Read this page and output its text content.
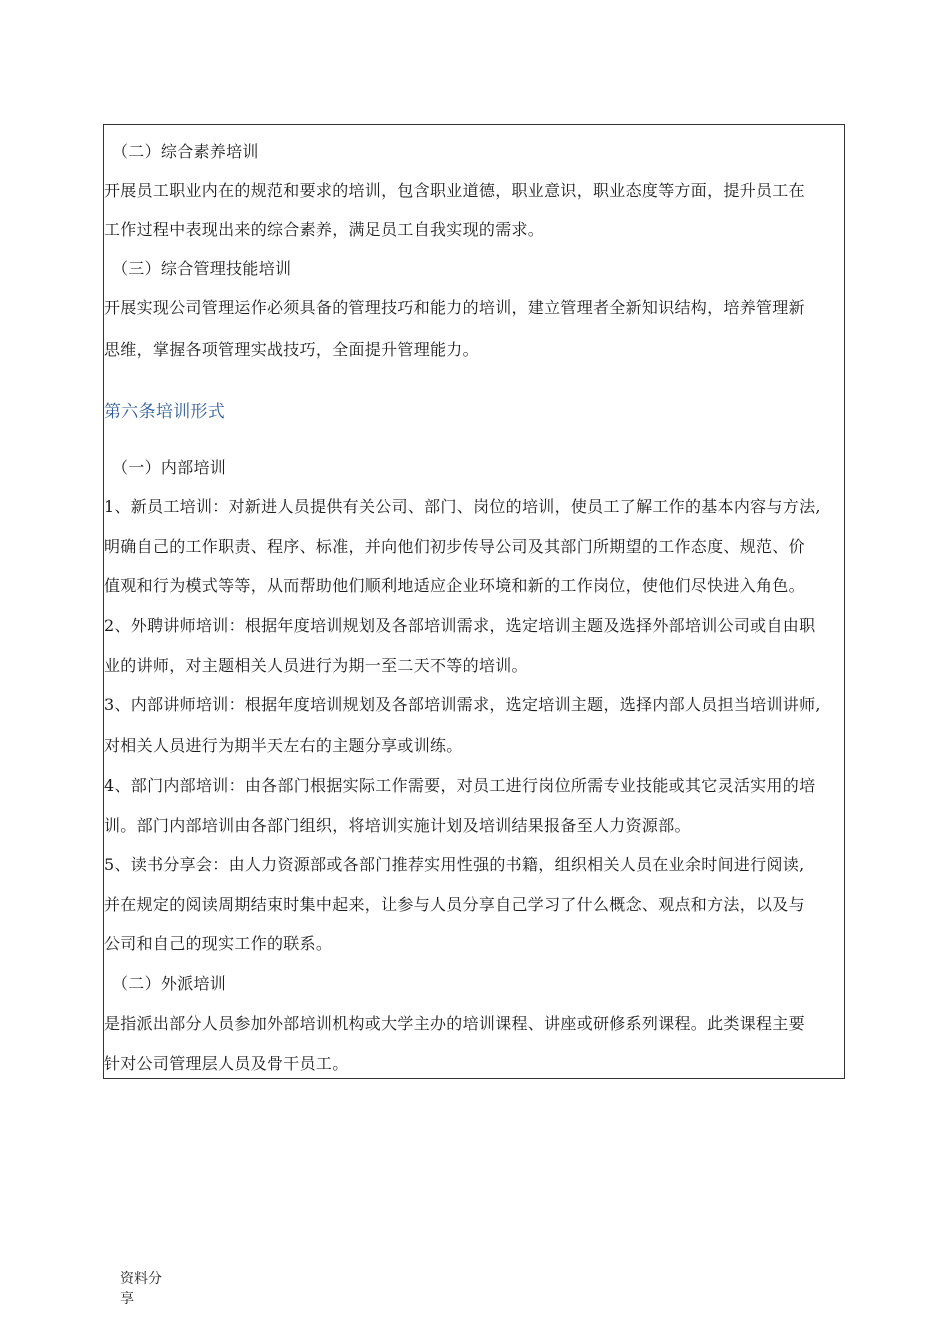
（二）综合素养培训
开展员工职业内在的规范和要求的培训，包含职业道德，职业意识，职业态度等方面，提升员工在
工作过程中表现出来的综合素养，满足员工自我实现的需求。
（三）综合管理技能培训
开展实现公司管理运作必须具备的管理技巧和能力的培训，建立管理者全新知识结构，培养管理新
思维，掌握各项管理实战技巧，全面提升管理能力。
第六条培训形式
（一）内部培训
1、新员工培训：对新进人员提供有关公司、部门、岗位的培训，使员工了解工作的基本内容与方法,
明确自己的工作职责、程序、标准，并向他们初步传导公司及其部门所期望的工作态度、规范、价
值观和行为模式等等，从而帮助他们顺利地适应企业环境和新的工作岗位，使他们尽快进入角色。
2、外聘讲师培训：根据年度培训规划及各部培训需求，选定培训主题及选择外部培训公司或自由职
业的讲师，对主题相关人员进行为期一至二天不等的培训。
3、内部讲师培训：根据年度培训规划及各部培训需求，选定培训主题，选择内部人员担当培训讲师,
对相关人员进行为期半天左右的主题分享或训练。
4、部门内部培训：由各部门根据实际工作需要，对员工进行岗位所需专业技能或其它灵活实用的培
训。部门内部培训由各部门组织，将培训实施计划及培训结果报备至人力资源部。
5、读书分享会：由人力资源部或各部门推荐实用性强的书籍，组织相关人员在业余时间进行阅读,
并在规定的阅读周期结束时集中起来，让参与人员分享自己学习了什么概念、观点和方法，以及与
公司和自己的现实工作的联系。
（二）外派培训
是指派出部分人员参加外部培训机构或大学主办的培训课程、讲座或研修系列课程。此类课程主要
针对公司管理层人员及骨干员工。
资料分
享
